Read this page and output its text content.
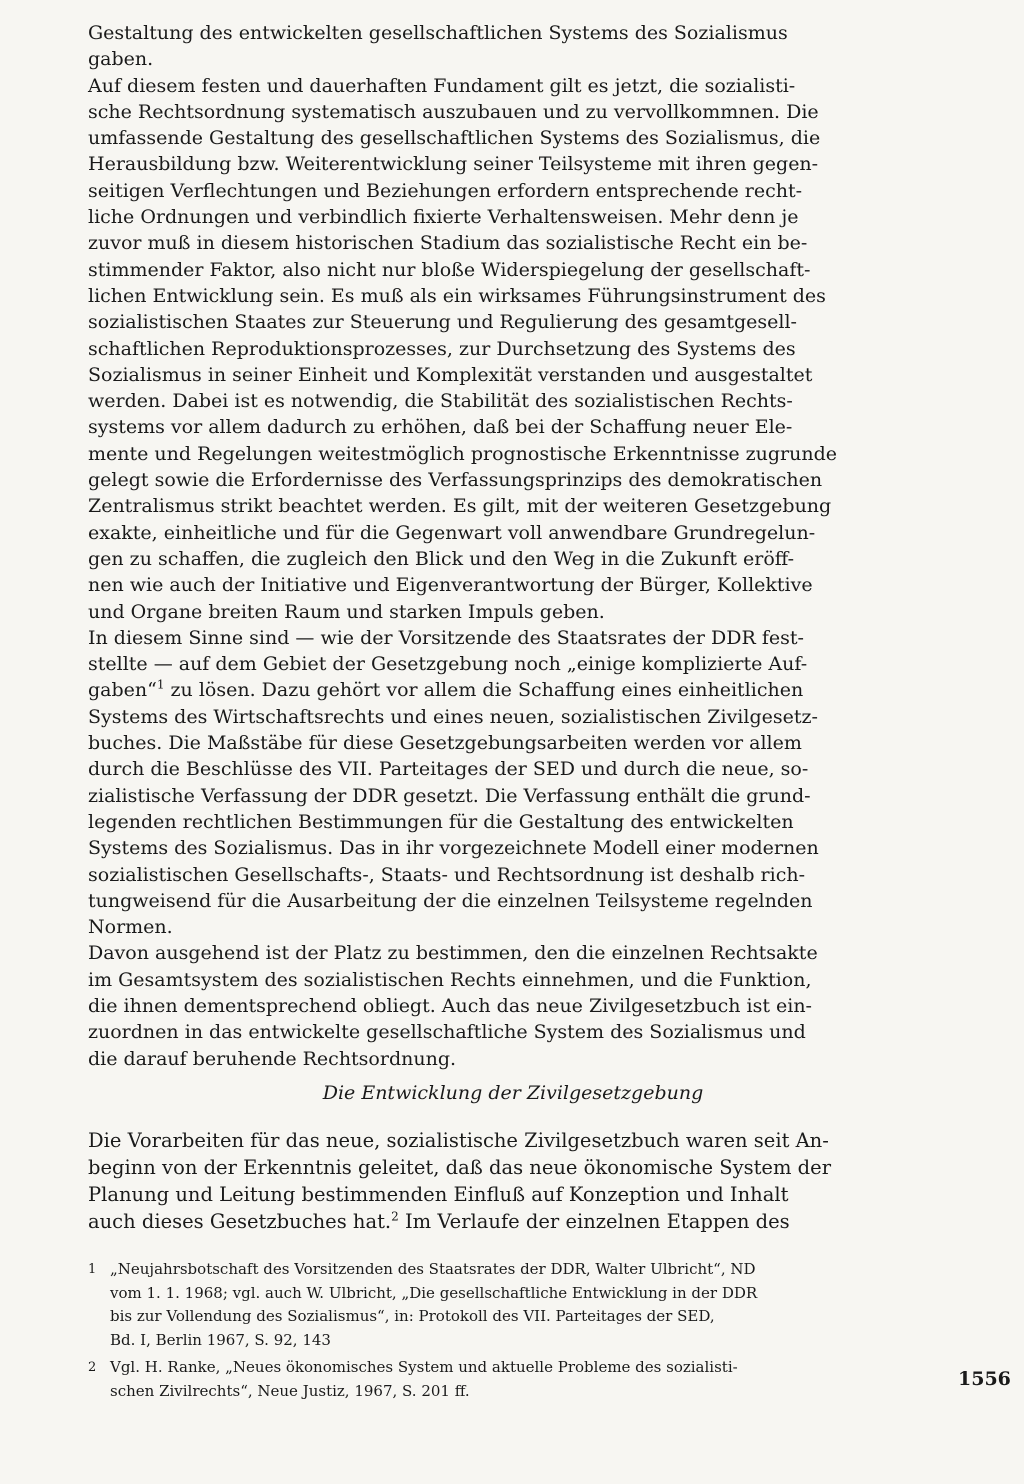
Gestaltung des entwickelten gesellschaftlichen Systems des Sozialismus
gaben.

Auf diesem festen und dauerhaften Fundament gilt es jetzt, die sozialisti-
sche Rechtsordnung systematisch auszubauen und zu vervollkommnen. Die
umfassende Gestaltung des gesellschaftlichen Systems des Sozialismus, die
Herausbildung bzw. Weiterentwicklung seiner Teilsysteme mit ihren gegen-
seitigen Verflechtungen und Beziehungen erfordern entsprechende recht-
liche Ordnungen und verbindlich fixierte Verhaltensweisen. Mehr denn je
zuvor muß in diesem historischen Stadium das sozialistische Recht ein be-
stimmender Faktor, also nicht nur bloße Widerspiegelung der gesellschaft-
lichen Entwicklung sein. Es muß als ein wirksames Führungsinstrument des
sozialistischen Staates zur Steuerung und Regulierung des gesamtgesell-
schaftlichen Reproduktionsprozesses, zur Durchsetzung des Systems des
Sozialismus in seiner Einheit und Komplexität verstanden und ausgestaltet
werden. Dabei ist es notwendig, die Stabilität des sozialistischen Rechts-
systems vor allem dadurch zu erhöhen, daß bei der Schaffung neuer Ele-
mente und Regelungen weitestmöglich prognostische Erkenntnisse zugrunde
gelegt sowie die Erfordernisse des Verfassungsprinzips des demokratischen
Zentralismus strikt beachtet werden. Es gilt, mit der weiteren Gesetzgebung
exakte, einheitliche und für die Gegenwart voll anwendbare Grundregelun-
gen zu schaffen, die zugleich den Blick und den Weg in die Zukunft eröff-
nen wie auch der Initiative und Eigenverantwortung der Bürger, Kollektive
und Organe breiten Raum und starken Impuls geben.

In diesem Sinne sind — wie der Vorsitzende des Staatsrates der DDR fest-
stellte — auf dem Gebiet der Gesetzgebung noch „einige komplizierte Auf-
gaben“$^1$ zu lösen. Dazu gehört vor allem die Schaffung eines einheitlichen
Systems des Wirtschaftsrechts und eines neuen, sozialistischen Zivilgesetz-
buches. Die Maßstäbe für diese Gesetzgebungsarbeiten werden vor allem
durch die Beschlüsse des VII. Parteitages der SED und durch die neue, so-
zialistische Verfassung der DDR gesetzt. Die Verfassung enthält die grund-
legenden rechtlichen Bestimmungen für die Gestaltung des entwickelten
Systems des Sozialismus. Das in ihr vorgezeichnete Modell einer modernen
sozialistischen Gesellschafts-, Staats- und Rechtsordnung ist deshalb rich-
tungweisend für die Ausarbeitung der die einzelnen Teilsysteme regelnden
Normen.

Davon ausgehend ist der Platz zu bestimmen, den die einzelnen Rechtsakte
im Gesamtsystem des sozialistischen Rechts einnehmen, und die Funktion,
die ihnen dementsprechend obliegt. Auch das neue Zivilgesetzbuch ist ein-
zuordnen in das entwickelte gesellschaftliche System des Sozialismus und
die darauf beruhende Rechtsordnung.

Die Entwicklung der Zivilgesetzgebung

Die Vorarbeiten für das neue, sozialistische Zivilgesetzbuch waren seit An-
beginn von der Erkenntnis geleitet, daß das neue ökonomische System der
Planung und Leitung bestimmenden Einfluß auf Konzeption und Inhalt
auch dieses Gesetzbuches hat.$^2$ Im Verlaufe der einzelnen Etappen des

1 „Neujahrsbotschaft des Vorsitzenden des Staatsrates der DDR, Walter Ulbricht“, ND
vom 1. 1. 1968; vgl. auch W. Ulbricht, „Die gesellschaftliche Entwicklung in der DDR
bis zur Vollendung des Sozialismus“, in: Protokoll des VII. Parteitages der SED,
Bd. I, Berlin 1967, S. 92, 143
2 Vgl. H. Ranke, „Neues ökonomisches System und aktuelle Probleme des sozialisti-
schen Zivilrechts“, Neue Justiz, 1967, S. 201 ff.
1556
